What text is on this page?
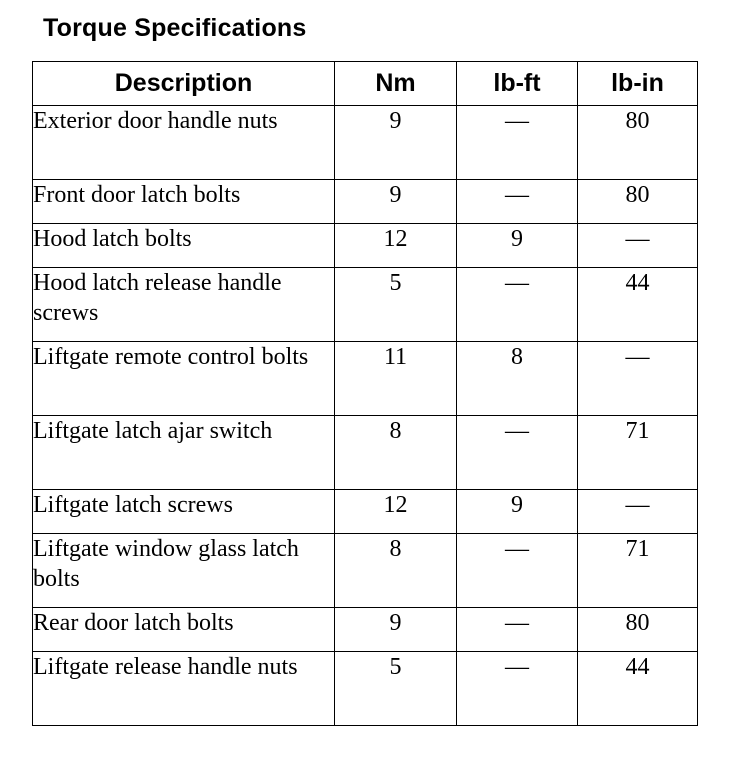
Torque Specifications
Description	Nm	lb-ft	lb-in
Exterior door handle nuts	9	—	80
Front door latch bolts	9	—	80
Hood latch bolts	12	9	—
Hood latch release handle screws	5	—	44
Liftgate remote control bolts	11	8	—
Liftgate latch ajar switch	8	—	71
Liftgate latch screws	12	9	—
Liftgate window glass latch bolts	8	—	71
Rear door latch bolts	9	—	80
Liftgate release handle nuts	5	—	44
